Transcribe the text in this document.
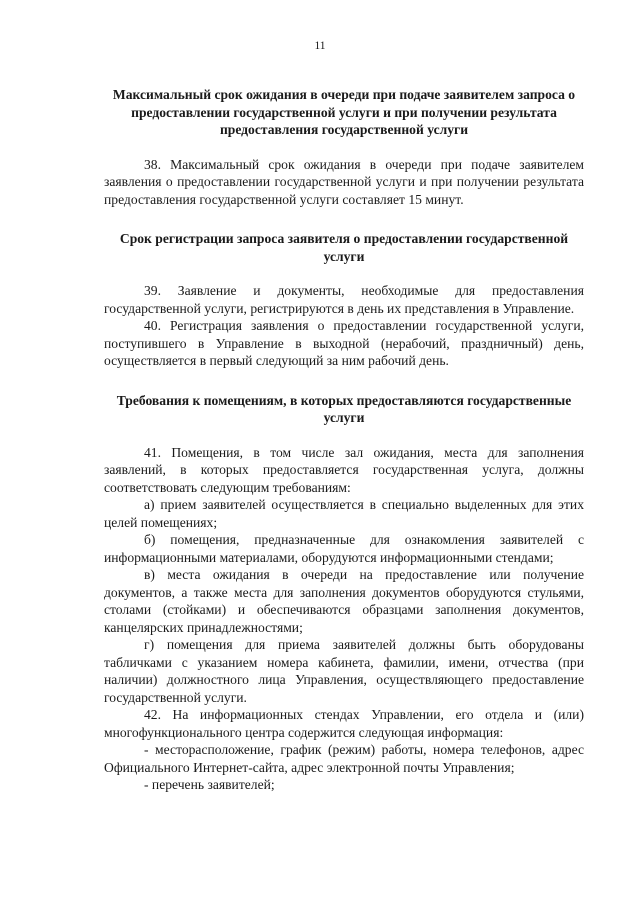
11

Максимальный срок ожидания в очереди при подаче заявителем запроса о предоставлении государственной услуги и при получении результата предоставления государственной услуги

38. Максимальный срок ожидания в очереди при подаче заявителем заявления о предоставлении государственной услуги и при получении результата предоставления государственной услуги составляет 15 минут.

Срок регистрации запроса заявителя о предоставлении государственной услуги

39. Заявление и документы, необходимые для предоставления государственной услуги, регистрируются в день их представления в Управление.

40. Регистрация заявления о предоставлении государственной услуги, поступившего в Управление в выходной (нерабочий, праздничный) день, осуществляется в первый следующий за ним рабочий день.

Требования к помещениям, в которых предоставляются государственные услуги

41. Помещения, в том числе зал ожидания, места для заполнения заявлений, в которых предоставляется государственная услуга, должны соответствовать следующим требованиям:

а) прием заявителей осуществляется в специально выделенных для этих целей помещениях;

б) помещения, предназначенные для ознакомления заявителей с информационными материалами, оборудуются информационными стендами;

в) места ожидания в очереди на предоставление или получение документов, а также места для заполнения документов оборудуются стульями, столами (стойками) и обеспечиваются образцами заполнения документов, канцелярских принадлежностями;

г) помещения для приема заявителей должны быть оборудованы табличками с указанием номера кабинета, фамилии, имени, отчества (при наличии) должностного лица Управления, осуществляющего предоставление государственной услуги.

42. На информационных стендах Управлении, его отдела и (или) многофункционального центра содержится следующая информация:

- месторасположение, график (режим) работы, номера телефонов, адрес Официального Интернет-сайта, адрес электронной почты Управления;

- перечень заявителей;
